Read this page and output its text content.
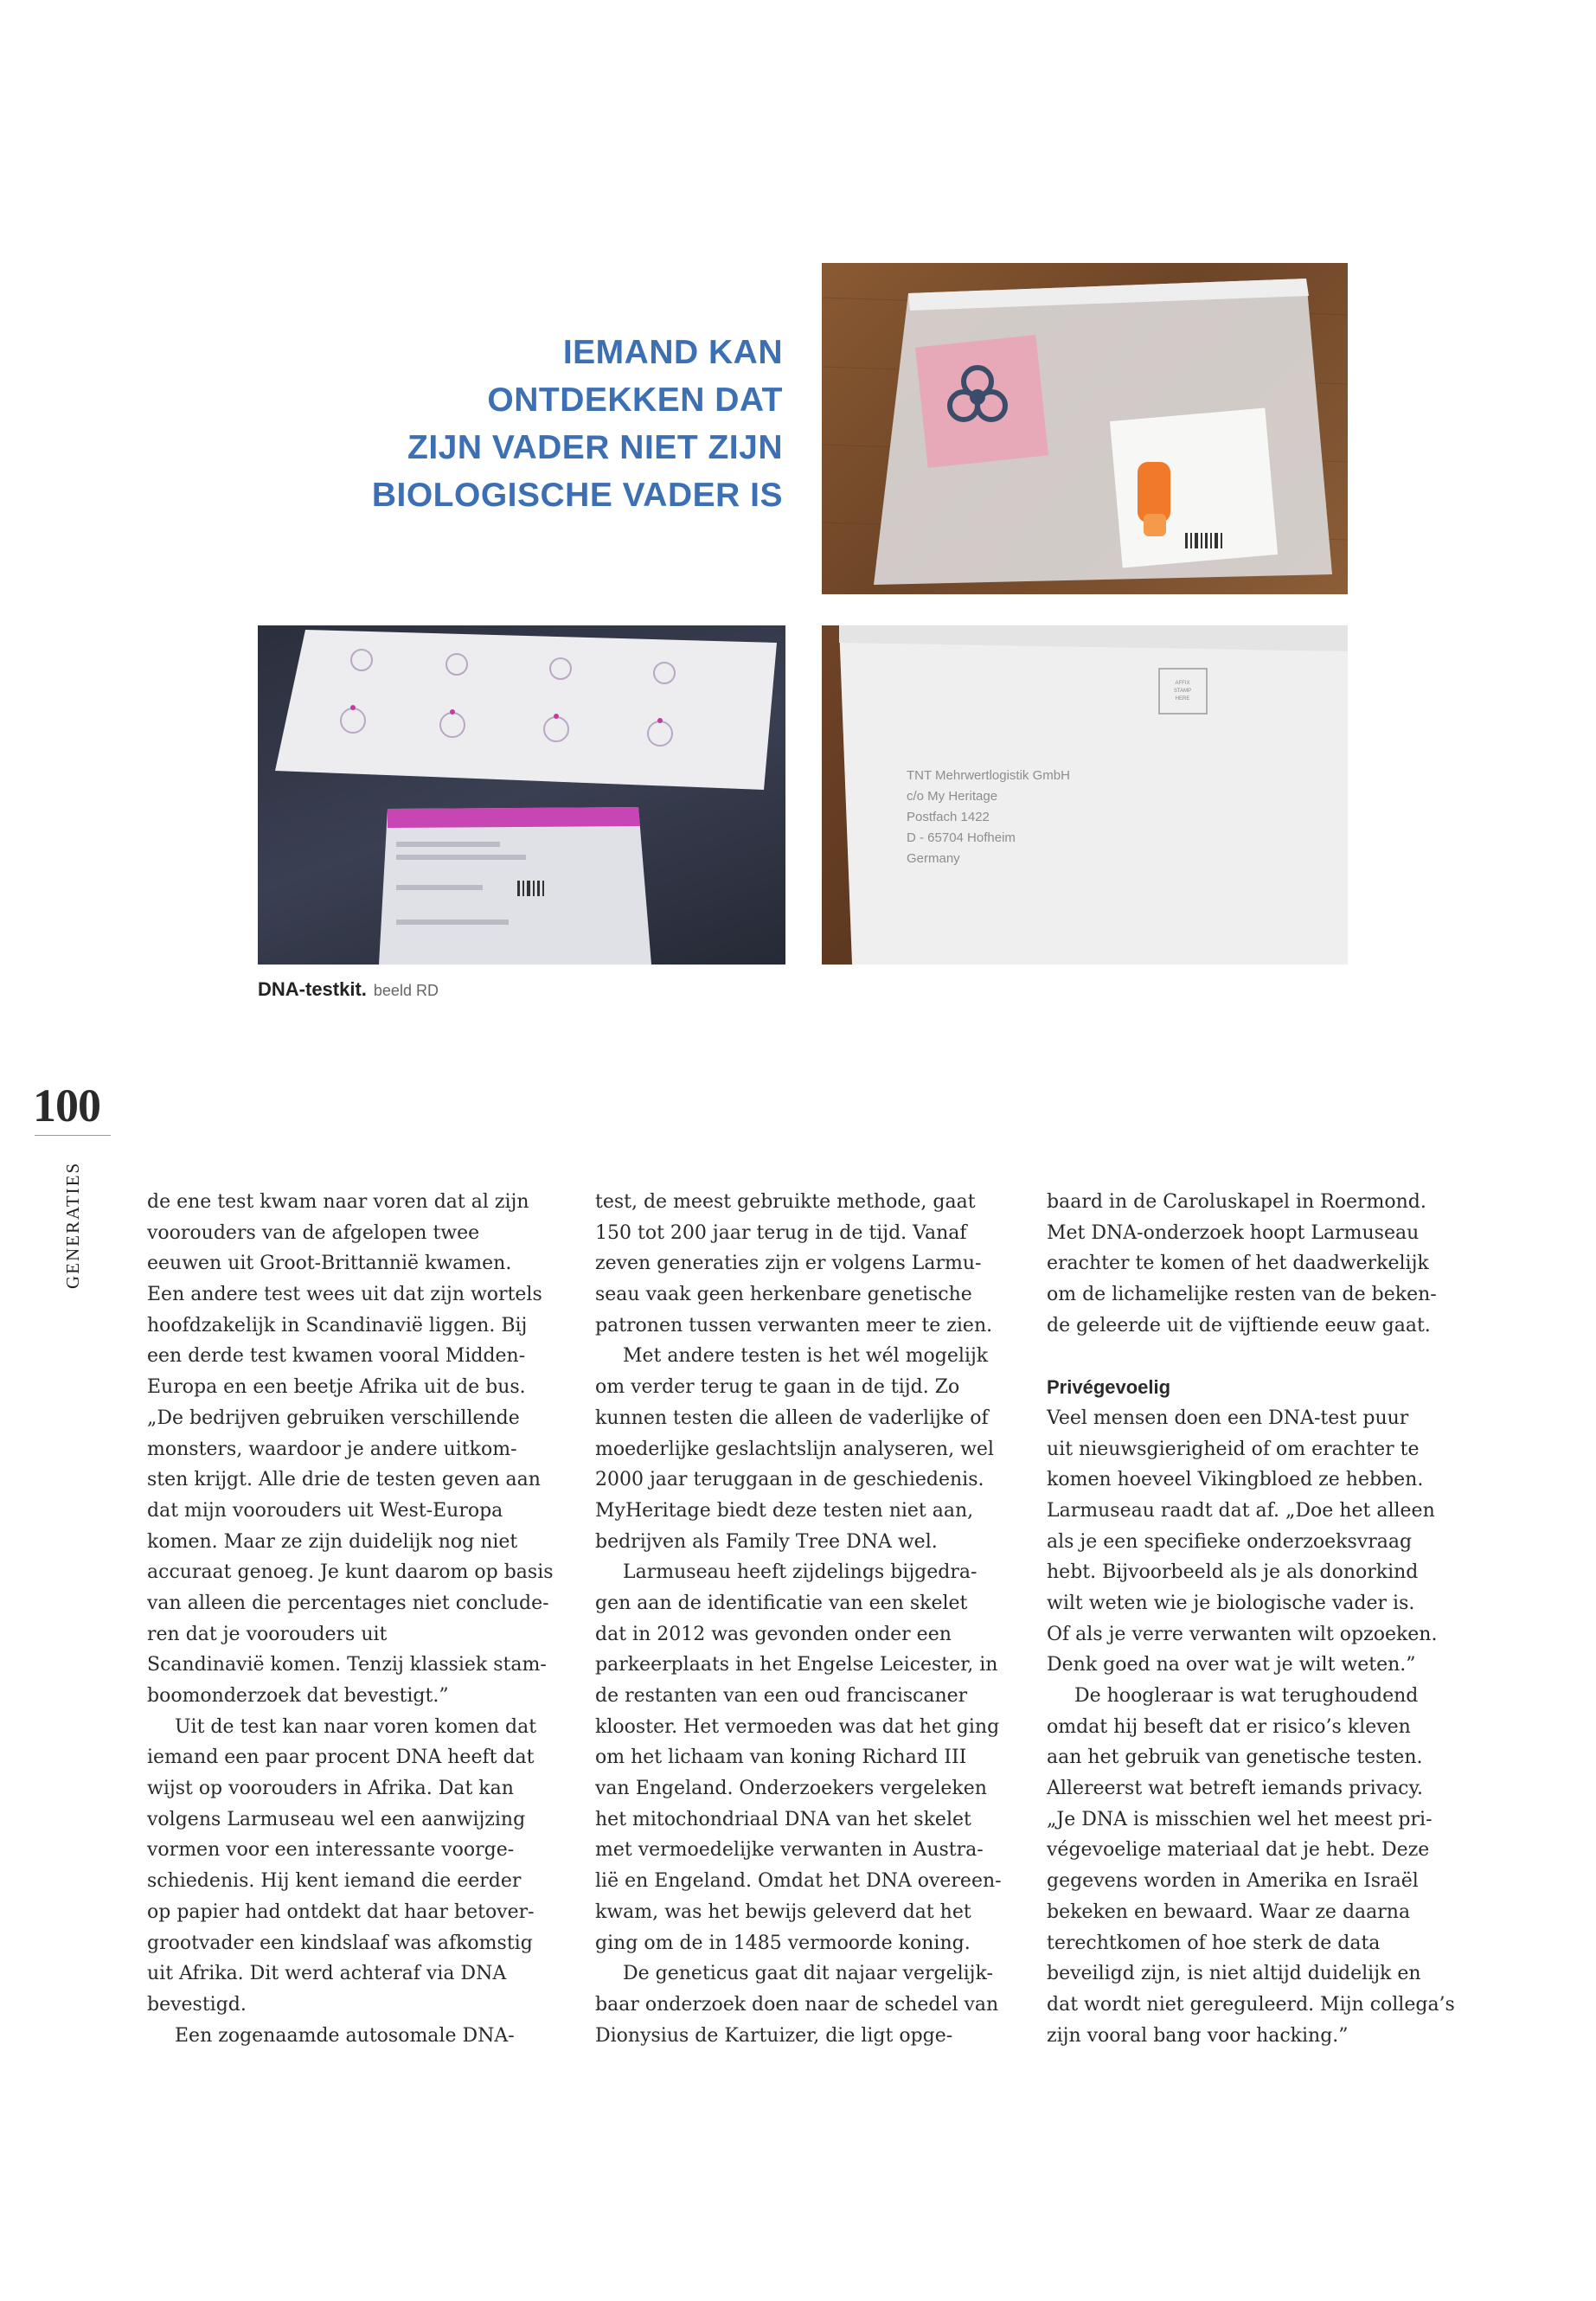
IEMAND KAN
ONTDEKKEN DAT
ZIJN VADER NIET ZIJN
BIOLOGISCHE VADER IS
AFFIX
STAMP
HERE
TNT Mehrwertlogistik GmbH
c/o My Heritage
Postfach 1422
D - 65704 Hofheim
Germany
DNA-testkit. beeld RD
100
GENERATIES	de ene test kwam naar voren dat al zijn
voorouders van de afgelopen twee
eeuwen uit Groot-Brittannië kwamen.
Een andere test wees uit dat zijn wortels
hoofdzakelijk in Scandinavië liggen. Bij
een derde test kwamen vooral Midden-
Europa en een beetje Afrika uit de bus.
„De bedrijven gebruiken verschillende
monsters, waardoor je andere uitkom-
sten krijgt. Alle drie de testen geven aan
dat mijn voorouders uit West-Europa
komen. Maar ze zijn duidelijk nog niet
accuraat genoeg. Je kunt daarom op basis
van alleen die percentages niet conclude-
ren dat je voorouders uit
Scandinavië komen. Tenzij klassiek stam-
boomonderzoek dat bevestigt.”
Uit de test kan naar voren komen dat
iemand een paar procent DNA heeft dat
wijst op voorouders in Afrika. Dat kan
volgens Larmuseau wel een aanwijzing
vormen voor een interessante voorge-
schiedenis. Hij kent iemand die eerder
op papier had ontdekt dat haar betover-
grootvader een kindslaaf was afkomstig
uit Afrika. Dit werd achteraf via DNA
bevestigd.
Een zogenaamde autosomale DNA-
test, de meest gebruikte methode, gaat
150 tot 200 jaar terug in de tijd. Vanaf
zeven generaties zijn er volgens Larmu-
seau vaak geen herkenbare genetische
patronen tussen verwanten meer te zien.
Met andere testen is het wél mogelijk
om verder terug te gaan in de tijd. Zo
kunnen testen die alleen de vaderlijke of
moederlijke geslachtslijn analyseren, wel
2000 jaar teruggaan in de geschiedenis.
MyHeritage biedt deze testen niet aan,
bedrijven als Family Tree DNA wel.
Larmuseau heeft zijdelings bijgedra-
gen aan de identificatie van een skelet
dat in 2012 was gevonden onder een
parkeerplaats in het Engelse Leicester, in
de restanten van een oud franciscaner
klooster. Het vermoeden was dat het ging
om het lichaam van koning Richard III
van Engeland. Onderzoekers vergeleken
het mitochondriaal DNA van het skelet
met vermoedelijke verwanten in Austra-
lië en Engeland. Omdat het DNA overeen-
kwam, was het bewijs geleverd dat het
ging om de in 1485 vermoorde koning.
De geneticus gaat dit najaar vergelijk-
baar onderzoek doen naar de schedel van
Dionysius de Kartuizer, die ligt opge-
baard in de Caroluskapel in Roermond.
Met DNA-onderzoek hoopt Larmuseau
erachter te komen of het daadwerkelijk
om de lichamelijke resten van de beken-
de geleerde uit de vijftiende eeuw gaat.
Privégevoelig
Veel mensen doen een DNA-test puur
uit nieuwsgierigheid of om erachter te
komen hoeveel Vikingbloed ze hebben.
Larmuseau raadt dat af. „Doe het alleen
als je een specifieke onderzoeksvraag
hebt. Bijvoorbeeld als je als donorkind
wilt weten wie je biologische vader is.
Of als je verre verwanten wilt opzoeken.
Denk goed na over wat je wilt weten.”
De hoogleraar is wat terughoudend
omdat hij beseft dat er risico’s kleven
aan het gebruik van genetische testen.
Allereerst wat betreft iemands privacy.
„Je DNA is misschien wel het meest pri-
végevoelige materiaal dat je hebt. Deze
gegevens worden in Amerika en Israël
bekeken en bewaard. Waar ze daarna
terechtkomen of hoe sterk de data
beveiligd zijn, is niet altijd duidelijk en
dat wordt niet gereguleerd. Mijn collega’s
zijn vooral bang voor hacking.”
